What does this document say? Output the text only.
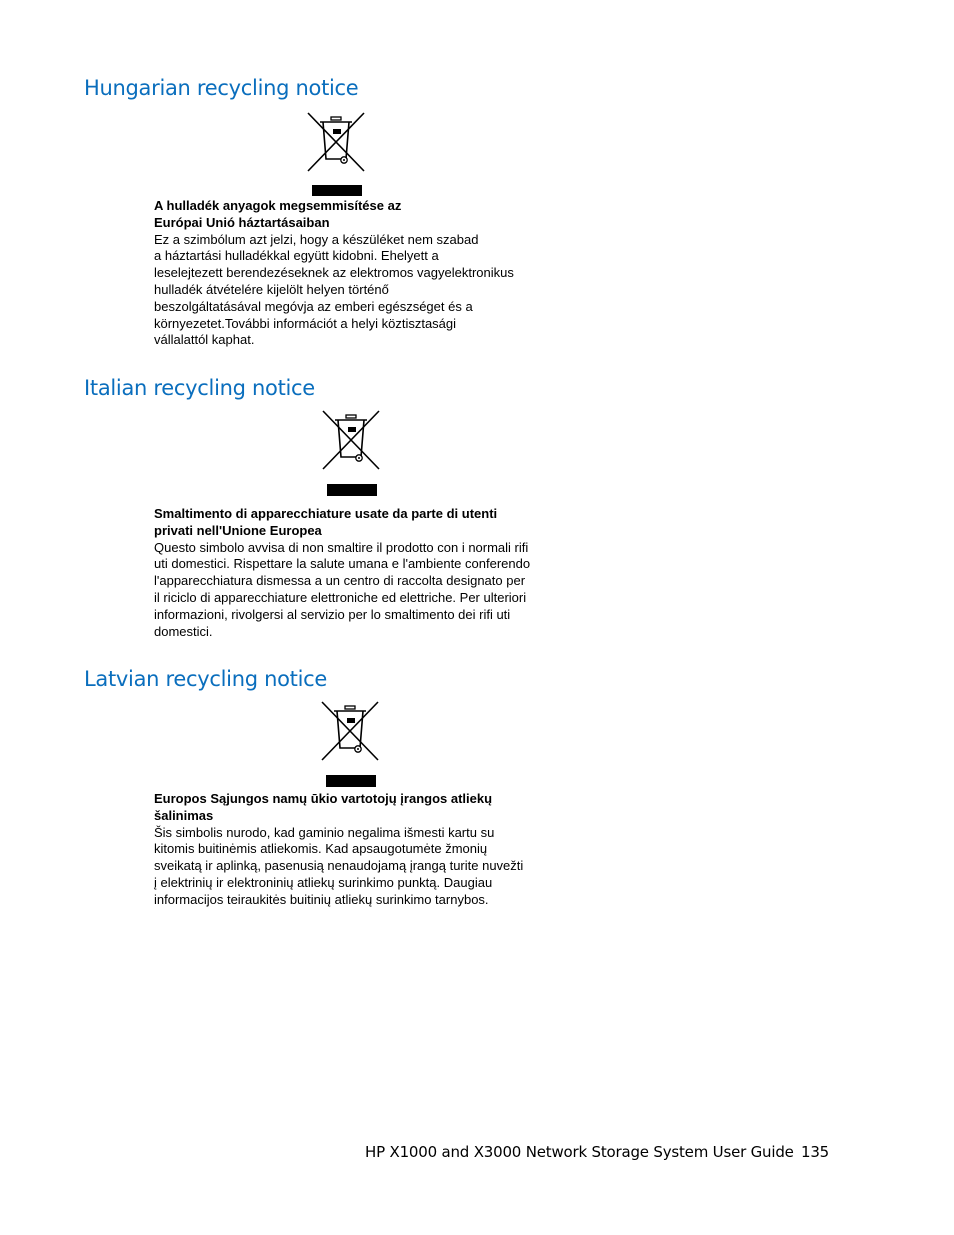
Hungarian recycling notice
A hulladék anyagok megsemmisítése az
Európai Unió háztartásaiban
Ez a szimbólum azt jelzi, hogy a készüléket nem szabad
a háztartási hulladékkal együtt kidobni. Ehelyett a
leselejtezett berendezéseknek az elektromos vagyelektronikus
hulladék átvételére kijelölt helyen történő
beszolgáltatásával megóvja az emberi egészséget és a
környezetet.További információt a helyi köztisztasági
vállalattól kaphat.
Italian recycling notice
Smaltimento di apparecchiature usate da parte di utenti
privati nell'Unione Europea
Questo simbolo avvisa di non smaltire il prodotto con i normali rifi
uti domestici. Rispettare la salute umana e l'ambiente conferendo
l'apparecchiatura dismessa a un centro di raccolta designato per
il riciclo di apparecchiature elettroniche ed elettriche. Per ulteriori
informazioni, rivolgersi al servizio per lo smaltimento dei rifi uti
domestici.
Latvian recycling notice
Europos Sąjungos namų ūkio vartotojų įrangos atliekų
šalinimas
Šis simbolis nurodo, kad gaminio negalima išmesti kartu su
kitomis buitinėmis atliekomis. Kad apsaugotumėte žmonių
sveikatą ir aplinką, pasenusią nenaudojamą įrangą turite nuvežti
į elektrinių ir elektroninių atliekų surinkimo punktą. Daugiau
informacijos teiraukitės buitinių atliekų surinkimo tarnybos.
HP X1000 and X3000 Network Storage System User Guide 135
